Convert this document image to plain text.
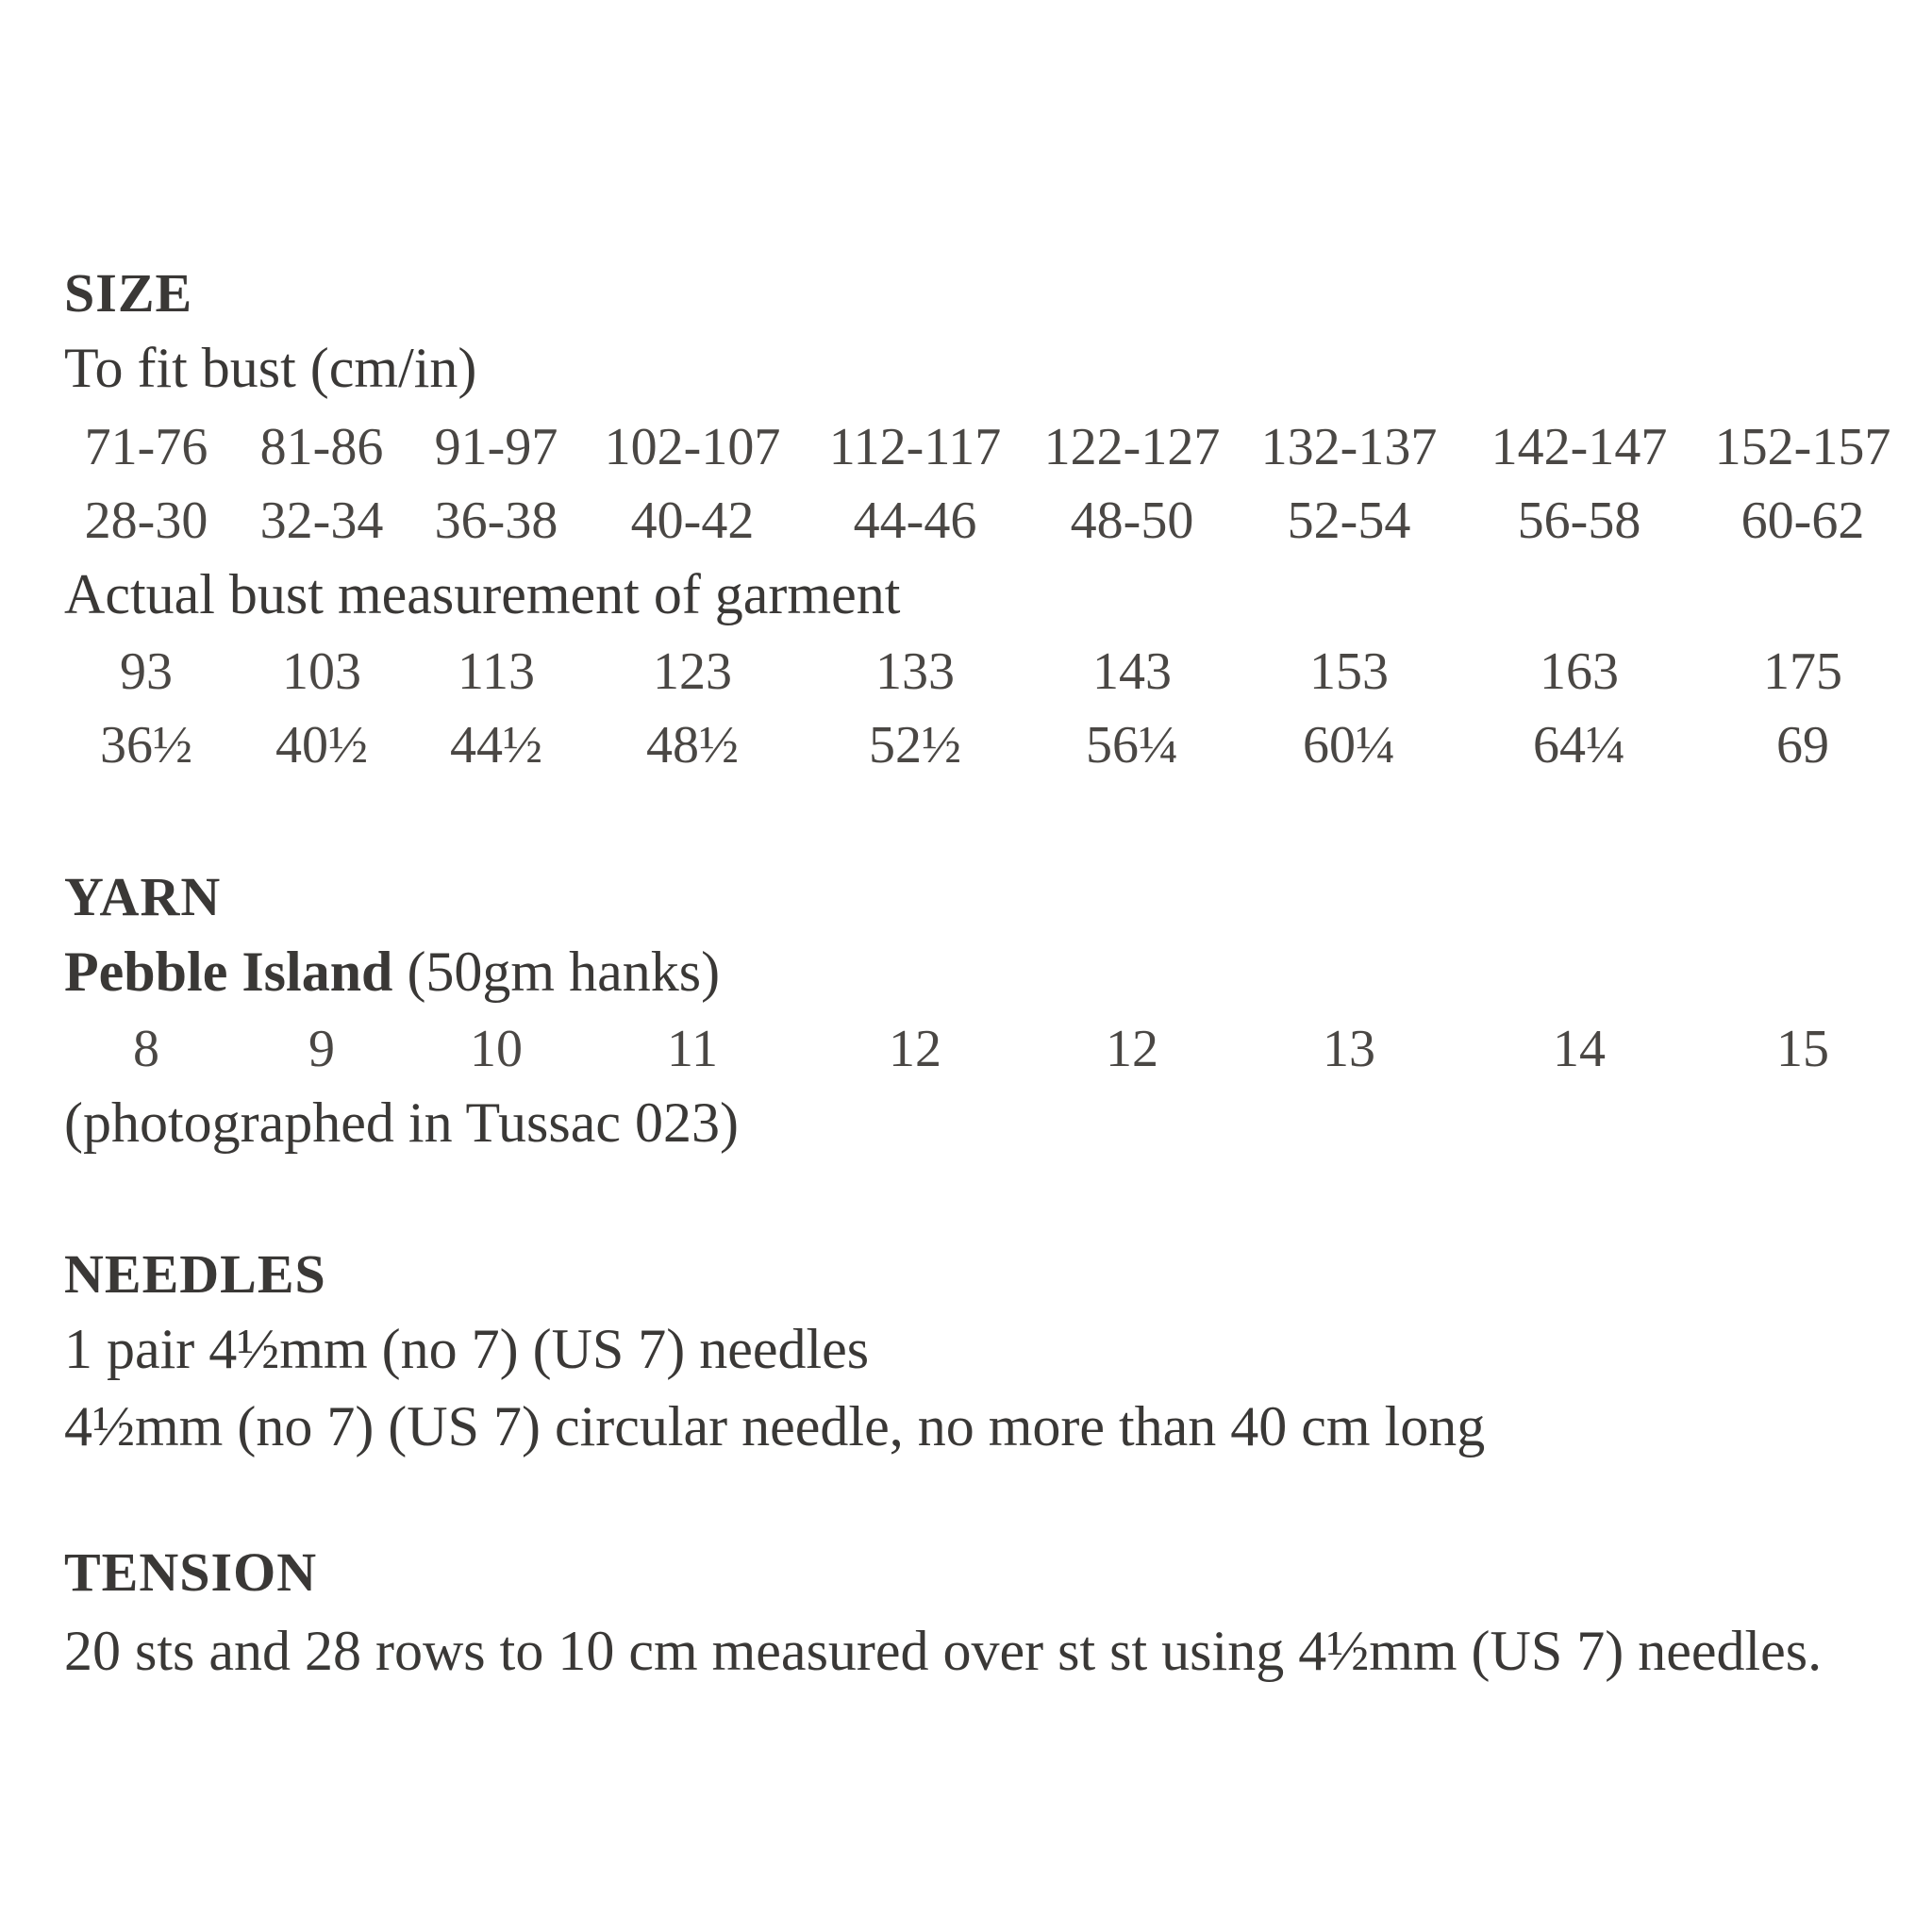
SIZE
To fit bust (cm/in)
71-76 81-86 91-97 102-107 112-117 122-127 132-137	142-147 152-157
28-30 32-34 36-38	40-42	44-46	48-50	52-54	56-58	60-62
Actual bust measurement of garment
93	103	113	123	133	143	153	163	175
36½	40½	44½	48½	52½	56¼	60¼	64¼	69
YARN
Pebble Island (50gm hanks)
8	9	10	11	12	12	13	14	15
(photographed in Tussac 023)
NEEDLES
1 pair 4½mm (no 7) (US 7) needles
4½mm (no 7) (US 7) circular needle, no more than 40 cm long
TENSION
20 sts and 28 rows to 10 cm measured over st st using 4½mm (US 7) needles.
